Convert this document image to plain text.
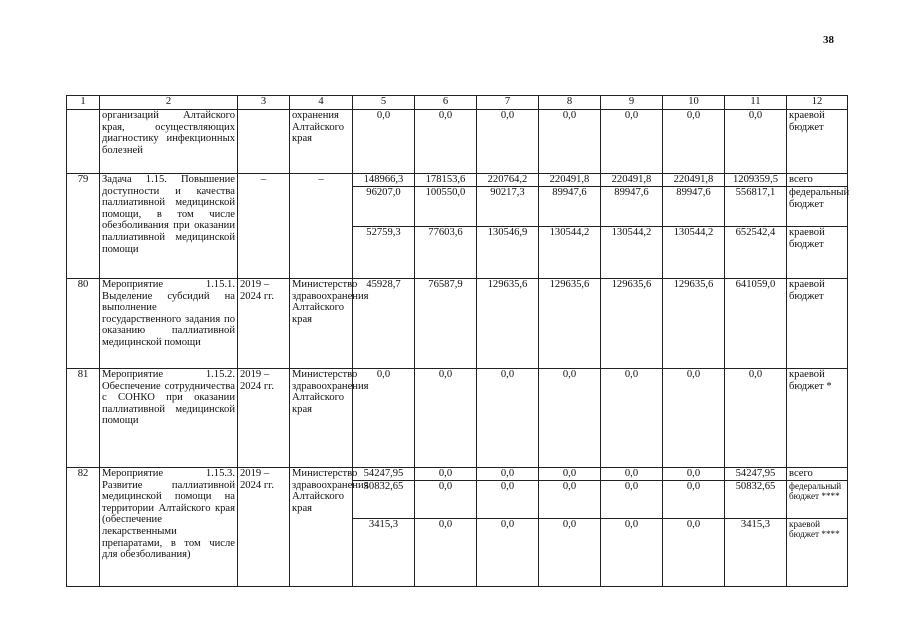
38
1	2	3	4	5	6	7	8	9	10	11	12
	организаций Алтайского края, осуществляющих диагностику инфекционных болезней		охранения Алтайского края	0,0	0,0	0,0	0,0	0,0	0,0	0,0	краевой бюджет
79	Задача 1.15. Повышение доступности и качества паллиативной медицинской помощи, в том числе обезболивания при оказании паллиативной медицинской помощи	–	–	148966,3	178153,6	220764,2	220491,8	220491,8	220491,8	1209359,5	всего
				96207,0	100550,0	90217,3	89947,6	89947,6	89947,6	556817,1	федеральный бюджет
				52759,3	77603,6	130546,9	130544,2	130544,2	130544,2	652542,4	краевой бюджет
80	Мероприятие 1.15.1. Выделение субсидий на выполнение государственного задания по оказанию паллиативной медицинской помощи	2019 – 2024 гг.	Министерство здравоохранения Алтайского края	45928,7	76587,9	129635,6	129635,6	129635,6	129635,6	641059,0	краевой бюджет
81	Мероприятие 1.15.2. Обеспечение сотрудничества с СОНКО при оказании паллиативной медицинской помощи	2019 – 2024 гг.	Министерство здравоохранения Алтайского края	0,0	0,0	0,0	0,0	0,0	0,0	0,0	краевой бюджет *
82	Мероприятие 1.15.3. Развитие паллиативной медицинской помощи на территории Алтайского края (обеспечение лекарственными препаратами, в том числе для обезболивания)	2019 – 2024 гг.	Министерство здравоохранения Алтайского края	54247,95	0,0	0,0	0,0	0,0	0,0	54247,95	всего
				50832,65	0,0	0,0	0,0	0,0	0,0	50832,65	федеральный бюджет ****
				3415,3	0,0	0,0	0,0	0,0	0,0	3415,3	краевой бюджет ****
